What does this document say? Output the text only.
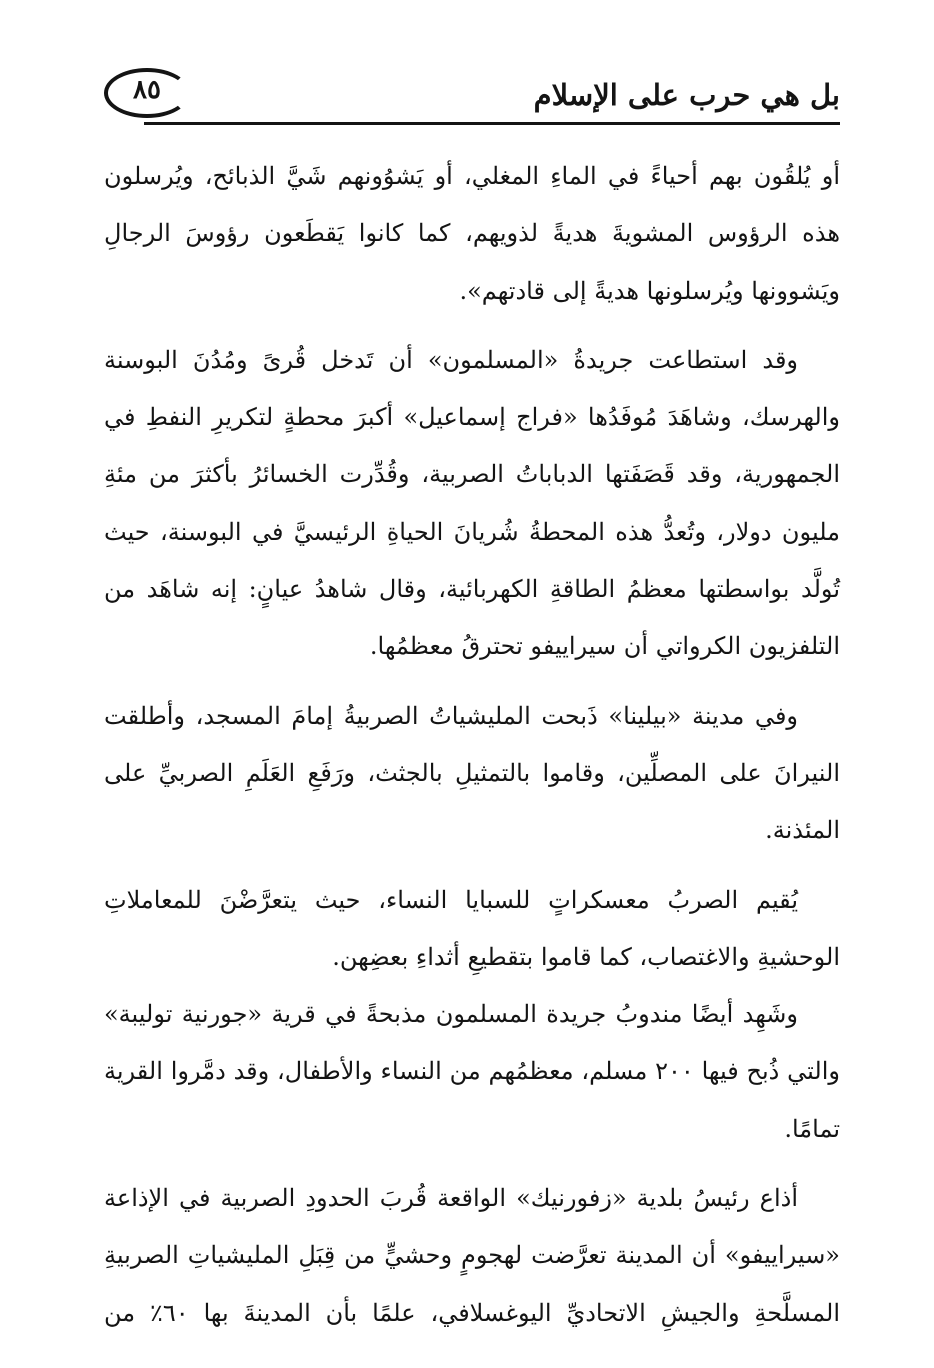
٨٥	بل هي حرب على الإسلام

أو يُلقُون بهم أحياءً في الماءِ المغلي، أو يَشوُونهم شَيَّ الذبائح، ويُرسلون هذه الرؤوس المشويةَ هديةً لذويهم، كما كانوا يَقطَعون رؤوسَ الرجالِ ويَشوونها ويُرسلونها هديةً إلى قادتهم».

وقد استطاعت جريدةُ «المسلمون» أن تَدخل قُرىً ومُدُنَ البوسنة والهرسك، وشاهَدَ مُوفَدُها «فراج إسماعيل» أكبرَ محطةٍ لتكريرِ النفطِ في الجمهورية، وقد قَصَفَتها الدباباتُ الصربية، وقُدِّرت الخسائرُ بأكثرَ من مئةِ مليون دولار، وتُعدُّ هذه المحطةُ شُريانَ الحياةِ الرئيسيَّ في البوسنة، حيث تُولَّد بواسطتها معظمُ الطاقةِ الكهربائية، وقال شاهدُ عيانٍ: إنه شاهَد من التلفزيون الكرواتي أن سيراييفو تحترقُ معظمُها.

وفي مدينة «بيلينا» ذَبحت المليشياتُ الصربيةُ إمامَ المسجد، وأطلقت النيرانَ على المصلِّين، وقاموا بالتمثيلِ بالجثث، ورَفَعِ العَلَمِ الصربيِّ على المئذنة.

يُقيم الصربُ معسكراتٍ للسبايا النساء، حيث يتعرَّضْنَ للمعاملاتِ الوحشيةِ والاغتصاب، كما قاموا بتقطيعِ أثداءِ بعضِهن.

وشَهِد أيضًا مندوبُ جريدة المسلمون مذبحةً في قرية «جورنية توليبة» والتي ذُبح فيها ٢٠٠ مسلم، معظمُهم من النساء والأطفال، وقد دمَّروا القرية تمامًا.

أذاع رئيسُ بلدية «زفورنيك» الواقعة قُربَ الحدودِ الصربية في الإذاعة «سيراييفو» أن المدينة تعرَّضت لهجومٍ وحشيٍّ من قِبَلِ المليشياتِ الصربيةِ المسلَّحةِ والجيشِ الاتحاديِّ اليوغسلافي، علمًا بأن المدينةَ بها ٦٠٪ من
